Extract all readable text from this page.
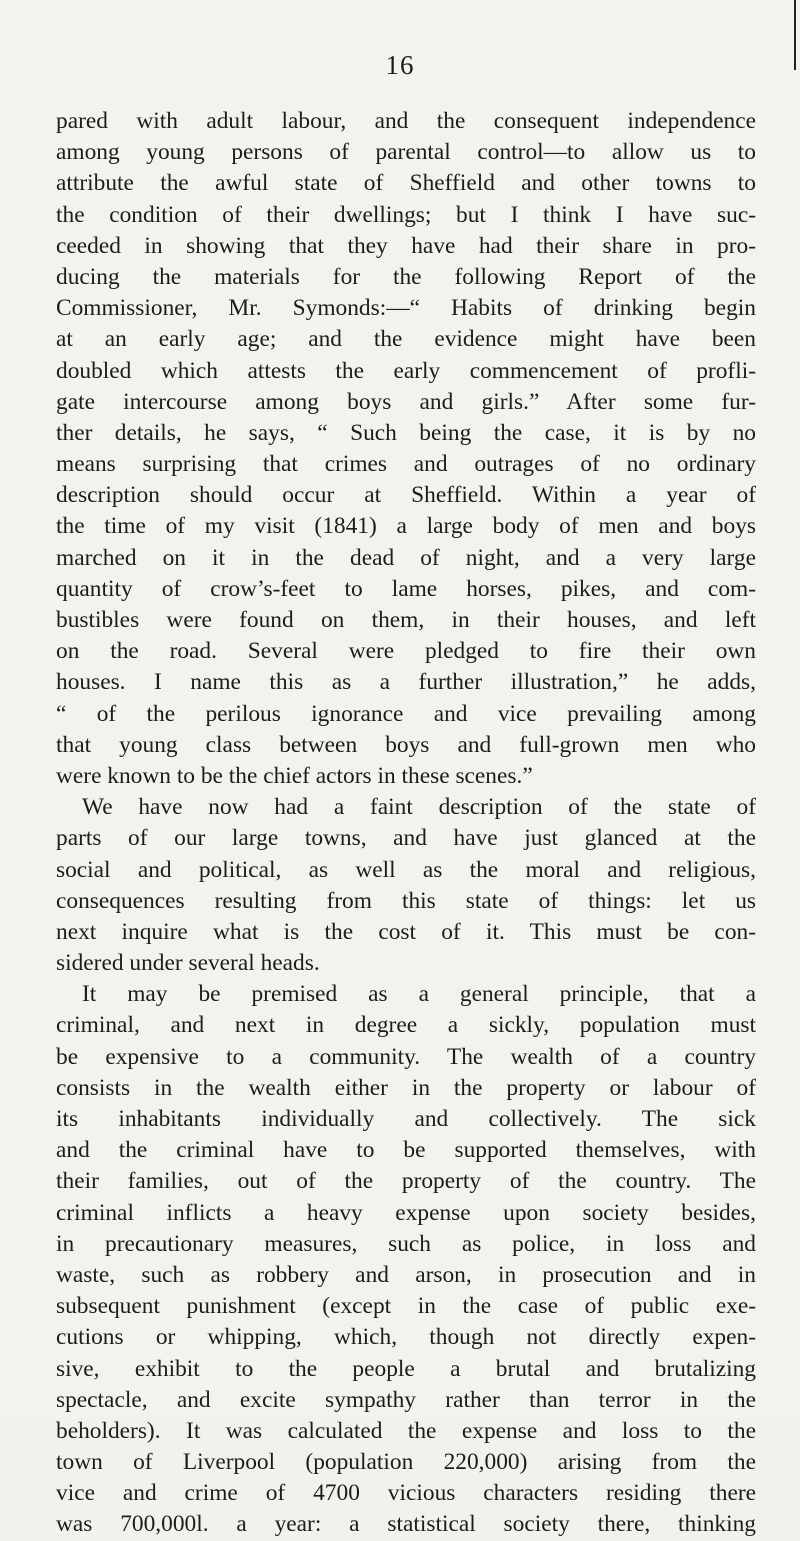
16
pared with adult labour, and the consequent independence
among young persons of parental control—to allow us to
attribute the awful state of Sheffield and other towns to
the condition of their dwellings; but I think I have suc-
ceeded in showing that they have had their share in pro-
ducing the materials for the following Report of the
Commissioner, Mr. Symonds:—“ Habits of drinking begin
at an early age; and the evidence might have been
doubled which attests the early commencement of profli-
gate intercourse among boys and girls.” After some fur-
ther details, he says, “ Such being the case, it is by no
means surprising that crimes and outrages of no ordinary
description should occur at Sheffield. Within a year of
the time of my visit (1841) a large body of men and boys
marched on it in the dead of night, and a very large
quantity of crow’s-feet to lame horses, pikes, and com-
bustibles were found on them, in their houses, and left
on the road. Several were pledged to fire their own
houses. I name this as a further illustration,” he adds,
“ of the perilous ignorance and vice prevailing among
that young class between boys and full-grown men who
were known to be the chief actors in these scenes.”
We have now had a faint description of the state of
parts of our large towns, and have just glanced at the
social and political, as well as the moral and religious,
consequences resulting from this state of things: let us
next inquire what is the cost of it. This must be con-
sidered under several heads.
It may be premised as a general principle, that a
criminal, and next in degree a sickly, population must
be expensive to a community. The wealth of a country
consists in the wealth either in the property or labour of
its inhabitants individually and collectively. The sick
and the criminal have to be supported themselves, with
their families, out of the property of the country. The
criminal inflicts a heavy expense upon society besides,
in precautionary measures, such as police, in loss and
waste, such as robbery and arson, in prosecution and in
subsequent punishment (except in the case of public exe-
cutions or whipping, which, though not directly expen-
sive, exhibit to the people a brutal and brutalizing
spectacle, and excite sympathy rather than terror in the
beholders). It was calculated the expense and loss to the
town of Liverpool (population 220,000) arising from the
vice and crime of 4700 vicious characters residing there
was 700,000l. a year: a statistical society there, thinking
